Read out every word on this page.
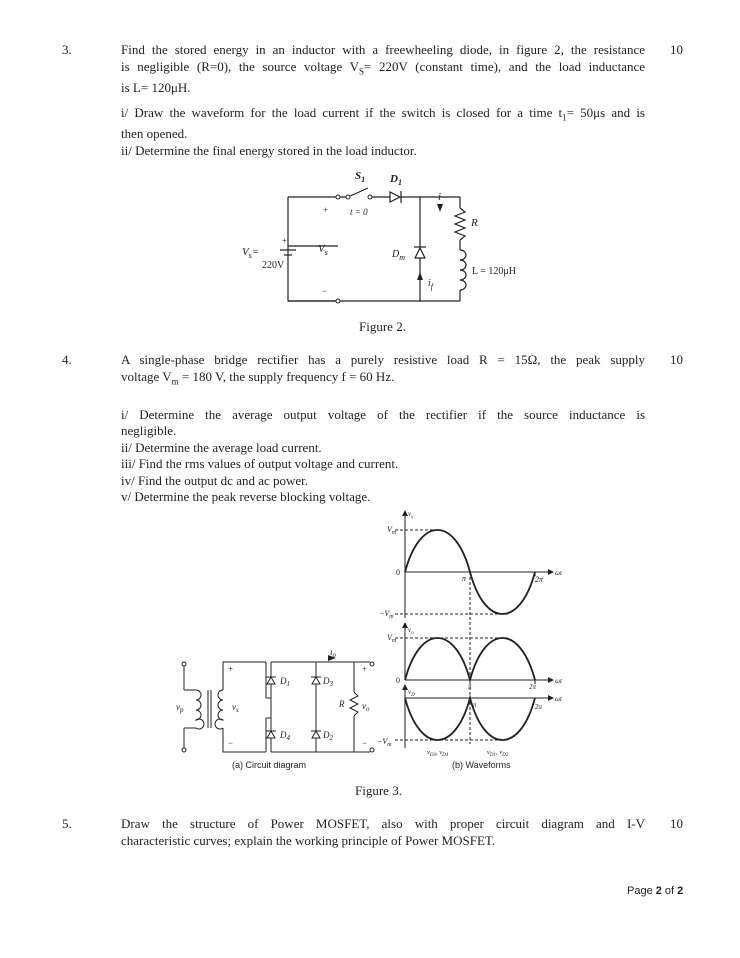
3.	10
Find the stored energy in an inductor with a freewheeling diode, in figure 2, the resistance
is negligible (R=0), the source voltage $V_S= 220V$ (constant time), and the load inductance
is L= 120μH.
i/ Draw the waveform for the load current if the switch is closed for a time $t_1= 50\mu s$ and is
then opened.
ii/ Determine the final energy stored in the load inductor.
$S_1$
t = 0
$D_1$
i
R
+
+
$V_s=$
220V
$V_s$
−
$D_m$
L = 120μH
$i_f$
Figure 2.
4.	10
A single-phase bridge rectifier has a purely resistive load R = 15Ω, the peak supply
voltage $V_m = 180$ V, the supply frequency f = 60 Hz.
i/ Determine the average output voltage of the rectifier if the source inductance is
negligible.
ii/ Determine the average load current.
iii/ Find the rms values of output voltage and current.
iv/ Find the output dc and ac power.
v/ Determine the peak reverse blocking voltage.
$D_1$	$D_3$
$D_4$	$D_2$
R $v_o$
$i_o$
$v_p$	$v_s$
+
−
+
−
(a) Circuit diagram
$v_s$
$V_m$
0
π	2π
ωt
$-V_m$
$v_o$
$V_m$
0
π	2π
ωt
$v_D$
π	2π
ωt
$-V_m$
$v_{D3}$, $v_{D4}$	$v_{D1}$, $v_{D2}$
(b) Waveforms
Figure 3.
5.	10
Draw the structure of Power MOSFET, also with proper circuit diagram and I-V
characteristic curves; explain the working principle of Power MOSFET.
Page 2 of 2
